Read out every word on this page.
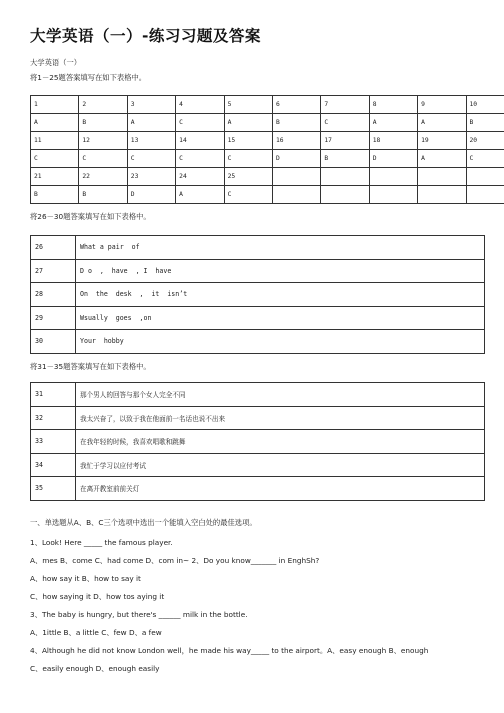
大学英语（一）-练习习题及答案
大学英语（一）
将1－25题答案填写在如下表格中。
1	2	3	4	5	6	7	8	9	10
A	B	A	C	A	B	C	A	A	B
11	12	13	14	15	16	17	18	19	20
C	C	C	C	C	D	B	D	A	C
21	22	23	24	25					
B	B	D	A	C					
将26－30题答案填写在如下表格中。
26	What a pair  of
27	D o  ,  have  , I  have
28	On  the  desk  ,  it  isn’t
29	Wsually  goes  ,on
30	Your  hobby
将31－35题答案填写在如下表格中。
31	那个男人的回答与那个女人完全不同
32	我太兴奋了，以致于我在他面前一名话也说不出来
33	在我年轻的时候，我喜欢唱歌和跳舞
34	我忙于学习以应付考试
35	在离开教室前前关灯
一、单选题从A、B、C三个选项中选出一个能填入空白处的最佳选项。
1、Look! Here _____ the famous player.
A、mes B、come C、had come D、com in~ 2、Do you know_______ in EnghSh?
A、how say it B、how to say it
C、how saying it D、how tos aying it
3、The baby is hungry, but there's ______ milk in the bottle.
A、1ittle B、a little C、few D、a few
4、Although he did not know London well，he made his way_____ to the airport。A、easy enough B、enough
C、easily enough D、enough easily
